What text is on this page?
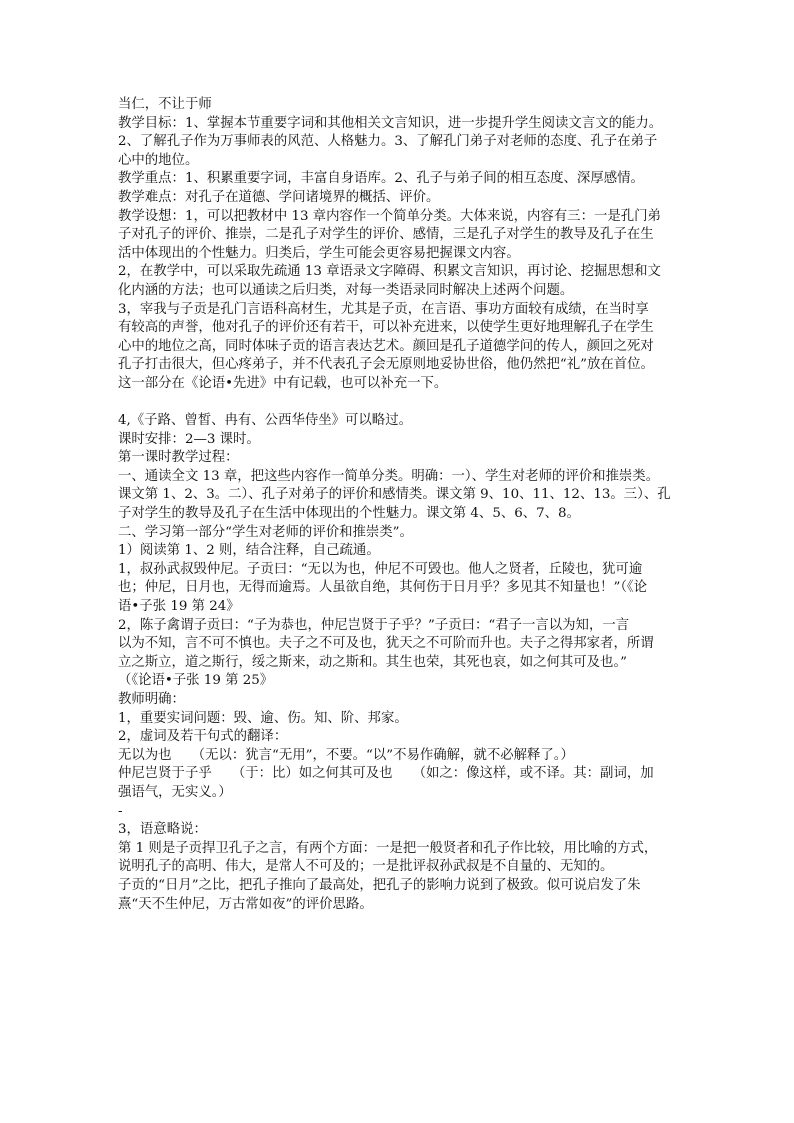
当仁，不让于师

教学目标：1、掌握本节重要字词和其他相关文言知识，进一步提升学生阅读文言文的能力。

2、了解孔子作为万事师表的风范、人格魅力。3、了解孔门弟子对老师的态度、孔子在弟子

心中的地位。

教学重点：1、积累重要字词，丰富自身语库。2、孔子与弟子间的相互态度、深厚感情。

教学难点：对孔子在道德、学问诸境界的概括、评价。

教学设想：1，可以把教材中 13 章内容作一个简单分类。大体来说，内容有三：一是孔门弟

子对孔子的评价、推崇，二是孔子对学生的评价、感情，三是孔子对学生的教导及孔子在生

活中体现出的个性魅力。归类后，学生可能会更容易把握课文内容。

2，在教学中，可以采取先疏通 13 章语录文字障碍、积累文言知识，再讨论、挖掘思想和文

化内涵的方法；也可以通读之后归类，对每一类语录同时解决上述两个问题。

3，宰我与子贡是孔门言语科高材生，尤其是子贡，在言语、事功方面较有成绩，在当时享

有较高的声誉，他对孔子的评价还有若干，可以补充进来，以使学生更好地理解孔子在学生

心中的地位之高，同时体味子贡的语言表达艺术。颜回是孔子道德学问的传人，颜回之死对

孔子打击很大，但心疼弟子，并不代表孔子会无原则地妥协世俗，他仍然把“礼”放在首位。

这一部分在《论语•先进》中有记载，也可以补充一下。

4,《子路、曾皙、冉有、公西华侍坐》可以略过。

课时安排：2—3 课时。

第一课时教学过程：

一、通读全文 13 章，把这些内容作一简单分类。明确：一）、学生对老师的评价和推崇类。

课文第 1、2、3。二）、孔子对弟子的评价和感情类。课文第 9、10、11、12、13。三）、孔

子对学生的教导及孔子在生活中体现出的个性魅力。课文第 4、5、6、7、8。

二、学习第一部分“学生对老师的评价和推崇类”。

1）阅读第 1、2 则，结合注释，自己疏通。

1，叔孙武叔毁仲尼。子贡曰：“无以为也，仲尼不可毁也。他人之贤者，丘陵也，犹可逾

也；仲尼，日月也，无得而逾焉。人虽欲自绝，其何伤于日月乎？多见其不知量也！”（《论

语•子张 19 第 24》

2，陈子禽谓子贡曰：“子为恭也，仲尼岂贤于子乎？”子贡曰：“君子一言以为知，一言

以为不知，言不可不慎也。夫子之不可及也，犹天之不可阶而升也。夫子之得邦家者，所谓

立之斯立，道之斯行，绥之斯来，动之斯和。其生也荣，其死也哀，如之何其可及也。”

（《论语•子张 19 第 25》

教师明确：

1，重要实词问题：毁、逾、伤。知、阶、邦家。

2，虚词及若干句式的翻译：

无以为也　　（无以：犹言“无用”，不要。“以”不易作确解，就不必解释了。）

仲尼岂贤于子乎　　（于：比）如之何其可及也　　（如之：像这样，或不译。其：副词，加

强语气，无实义。）

-

3，语意略说：

第 1 则是子贡捍卫孔子之言，有两个方面：一是把一般贤者和孔子作比较，用比喻的方式，

说明孔子的高明、伟大，是常人不可及的；一是批评叔孙武叔是不自量的、无知的。

子贡的“日月”之比，把孔子推向了最高处，把孔子的影响力说到了极致。似可说启发了朱

熹“天不生仲尼，万古常如夜”的评价思路。
